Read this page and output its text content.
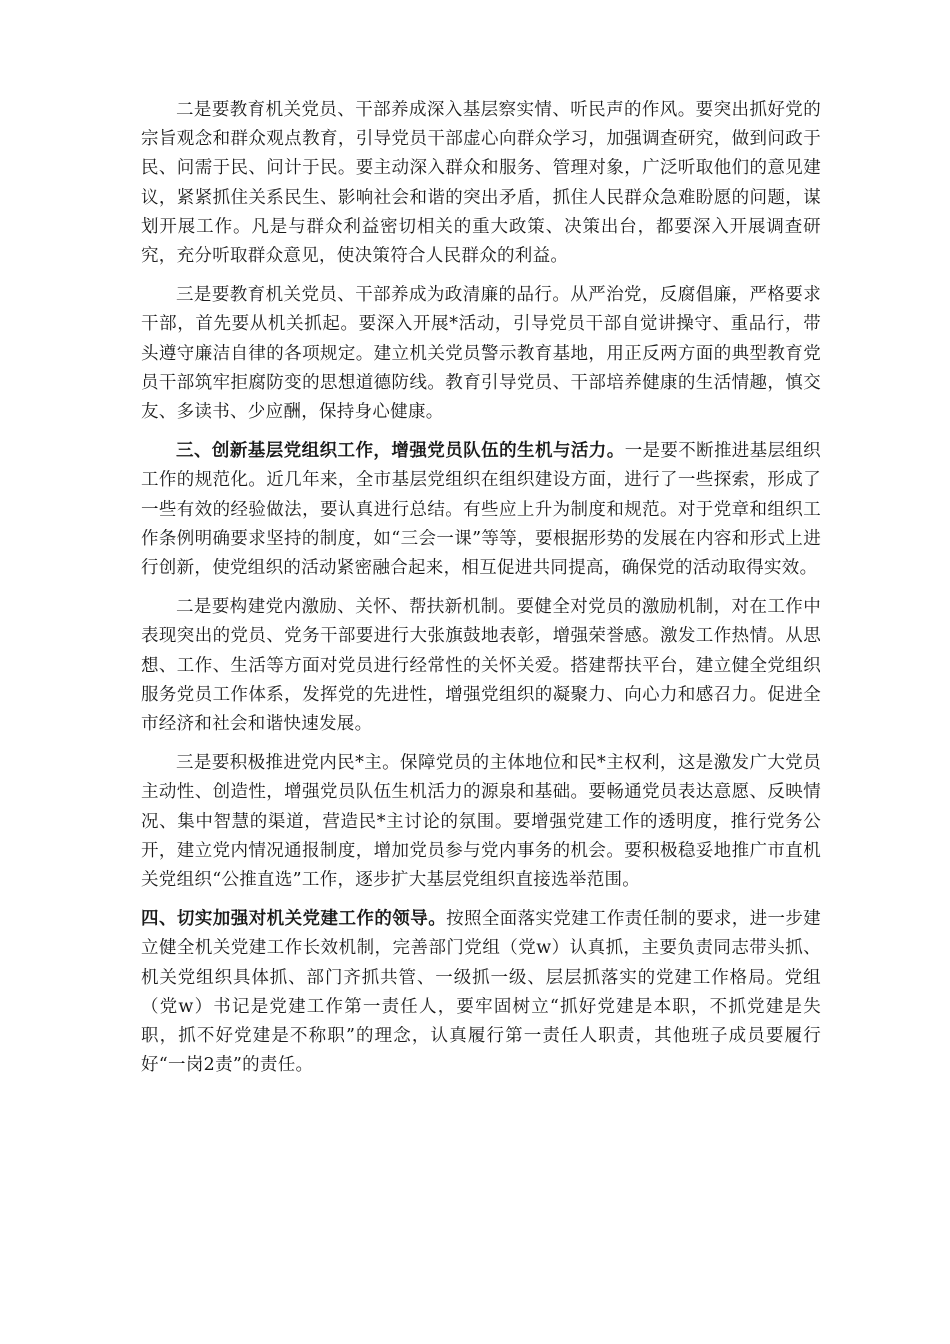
二是要教育机关党员、干部养成深入基层察实情、听民声的作风。要突出抓好党的宗旨观念和群众观点教育，引导党员干部虚心向群众学习，加强调查研究，做到问政于民、问需于民、问计于民。要主动深入群众和服务、管理对象，广泛听取他们的意见建议，紧紧抓住关系民生、影响社会和谐的突出矛盾，抓住人民群众急难盼愿的问题，谋划开展工作。凡是与群众利益密切相关的重大政策、决策出台，都要深入开展调查研究，充分听取群众意见，使决策符合人民群众的利益。

三是要教育机关党员、干部养成为政清廉的品行。从严治党，反腐倡廉，严格要求干部，首先要从机关抓起。要深入开展*活动，引导党员干部自觉讲操守、重品行，带头遵守廉洁自律的各项规定。建立机关党员警示教育基地，用正反两方面的典型教育党员干部筑牢拒腐防变的思想道德防线。教育引导党员、干部培养健康的生活情趣，慎交友、多读书、少应酬，保持身心健康。

三、创新基层党组织工作，增强党员队伍的生机与活力。一是要不断推进基层组织工作的规范化。近几年来，全市基层党组织在组织建设方面，进行了一些探索，形成了一些有效的经验做法，要认真进行总结。有些应上升为制度和规范。对于党章和组织工作条例明确要求坚持的制度，如“三会一课”等等，要根据形势的发展在内容和形式上进行创新，使党组织的活动紧密融合起来，相互促进共同提高，确保党的活动取得实效。

二是要构建党内激励、关怀、帮扶新机制。要健全对党员的激励机制，对在工作中表现突出的党员、党务干部要进行大张旗鼓地表彰，增强荣誉感。激发工作热情。从思想、工作、生活等方面对党员进行经常性的关怀关爱。搭建帮扶平台，建立健全党组织服务党员工作体系，发挥党的先进性，增强党组织的凝聚力、向心力和感召力。促进全市经济和社会和谐快速发展。

三是要积极推进党内民*主。保障党员的主体地位和民*主权利，这是激发广大党员主动性、创造性，增强党员队伍生机活力的源泉和基础。要畅通党员表达意愿、反映情况、集中智慧的渠道，营造民*主讨论的氛围。要增强党建工作的透明度，推行党务公开，建立党内情况通报制度，增加党员参与党内事务的机会。要积极稳妥地推广市直机关党组织“公推直选”工作，逐步扩大基层党组织直接选举范围。

四、切实加强对机关党建工作的领导。按照全面落实党建工作责任制的要求，进一步建立健全机关党建工作长效机制，完善部门党组（党w）认真抓，主要负责同志带头抓、机关党组织具体抓、部门齐抓共管、一级抓一级、层层抓落实的党建工作格局。党组（党w）书记是党建工作第一责任人，要牢固树立“抓好党建是本职，不抓党建是失职，抓不好党建是不称职”的理念，认真履行第一责任人职责，其他班子成员要履行好“一岗2责”的责任。
